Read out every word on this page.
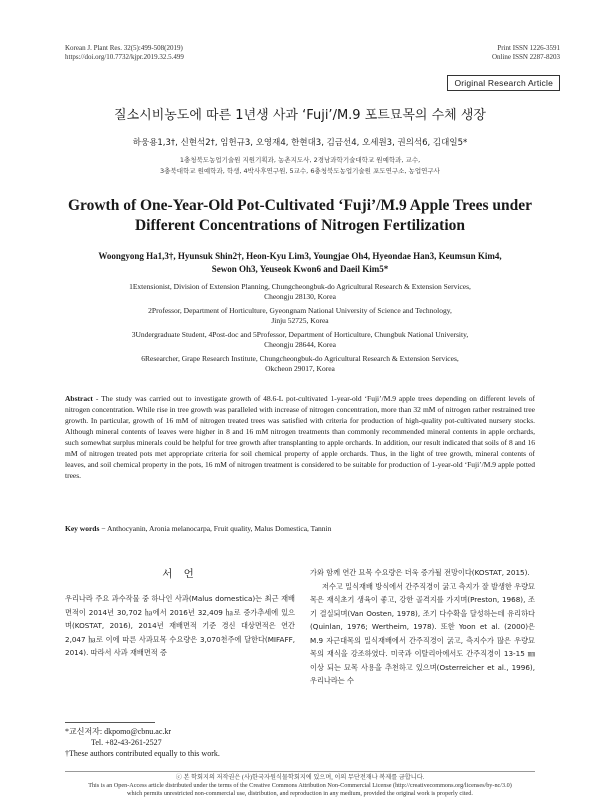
Korean J. Plant Res. 32(5):499-508(2019)
https://doi.org/10.7732/kjpr.2019.32.5.499
Print ISSN 1226-3591
Online ISSN 2287-8203
Original Research Article
질소시비농도에 따른 1년생 사과 ‘Fuji’/M.9 포트묘목의 수체 생장
하웅용1,3†, 신현석2†, 임헌규3, 오영재4, 한현대3, 김금선4, 오세원3, 권의석6, 김대일5*
1충청북도농업기술원 지원기획과, 농촌지도사, 2경남과학기술대학교 원예학과, 교수,
3충북대학교 원예학과, 학생, 4박사후연구원, 5교수, 6충청북도농업기술원 포도연구소, 농업연구사
Growth of One-Year-Old Pot-Cultivated ‘Fuji’/M.9 Apple Trees under
Different Concentrations of Nitrogen Fertilization
Woongyong Ha1,3†, Hyunsuk Shin2†, Heon-Kyu Lim3, Youngjae Oh4, Hyeondae Han3, Keumsun Kim4,
Sewon Oh3, Yeuseok Kwon6 and Daeil Kim5*
1Extensionist, Division of Extension Planning, Chungcheongbuk-do Agricultural Research & Extension Services,
Cheongju 28130, Korea
2Professor, Department of Horticulture, Gyeongnam National University of Science and Technology,
Jinju 52725, Korea
3Undergraduate Student, 4Post-doc and 5Professor, Department of Horticulture, Chungbuk National University,
Cheongju 28644, Korea
6Researcher, Grape Research Institute, Chungcheongbuk-do Agricultural Research & Extension Services,
Okcheon 29017, Korea
Abstract - The study was carried out to investigate growth of 48.6-L pot-cultivated 1-year-old ‘Fuji’/M.9 apple trees depending on different levels of nitrogen concentration. While rise in tree growth was paralleled with increase of nitrogen concentration, more than 32 mM of nitrogen rather restrained tree growth. In particular, growth of 16 mM of nitrogen treated trees was satisfied with criteria for production of high-quality pot-cultivated nursery stocks. Although mineral contents of leaves were higher in 8 and 16 mM nitrogen treatments than commonly recommended mineral contents in apple orchards, such somewhat surplus minerals could be helpful for tree growth after transplanting to apple orchards. In addition, our result indicated that soils of 8 and 16 mM of nitrogen treated pots met appropriate criteria for soil chemical property of apple orchards. Thus, in the light of tree growth, mineral contents of leaves, and soil chemical property in the pots, 16 mM of nitrogen treatment is considered to be suitable for production of 1-year-old ‘Fuji’/M.9 apple potted trees.
Key words − Anthocyanin, Aronia melanocarpa, Fruit quality, Malus Domestica, Tannin
서 언
우리나라 주요 과수작물 중 하나인 사과(Malus domestica)는 최근 재배면적이 2014년 30,702 ㏊에서 2016년 32,409 ㏊로 증가추세에 있으며(KOSTAT, 2016), 2014년 재배면적 기준 경신 대상면적은 연간 2,047 ㏊로 이에 따른 사과묘목 수요량은 3,070천주에 달한다(MIFAFF, 2014). 따라서 사과 재배면적 증
가와 함께 연간 묘목 수요량은 더욱 증가될 전망이다(KOSTAT, 2015).
저수고 밀식재배 방식에서 간주직경이 굵고 측지가 잘 발생한 우량묘목은 재식초기 생육이 좋고, 강한 골격지를 가지며(Preston, 1968), 조기 결실되며(Van Oosten, 1978), 조기 다수확을 달성하는데 유리하다(Quinlan, 1976; Wertheim, 1978). 또한 Yoon et al. (2000)은 M.9 자근대목의 밀식재배에서 간주직경이 굵고, 측지수가 많은 우량묘목의 재식을 강조하였다. 미국과 이탈리아에서도 간주직경이 13-15 ㎜ 이상 되는 묘목 사용을 추천하고 있으며(Osterreicher et al., 1996), 우리나라는 수
*교신저자: dkpomo@cbnu.ac.kr
Tel. +82-43-261-2527
†These authors contributed equally to this work.
ⓒ 본 학회지의 저작권은 (사)한국자원식물학회지에 있으며, 이의 무단전재나 복제를 금합니다.
This is an Open-Access article distributed under the terms of the Creative Commons Attribution Non-Commercial License (http://creativecommons.org/licenses/by-nc/3.0)
which permits unrestricted non-commercial use, distribution, and reproduction in any medium, provided the original work is properly cited.
